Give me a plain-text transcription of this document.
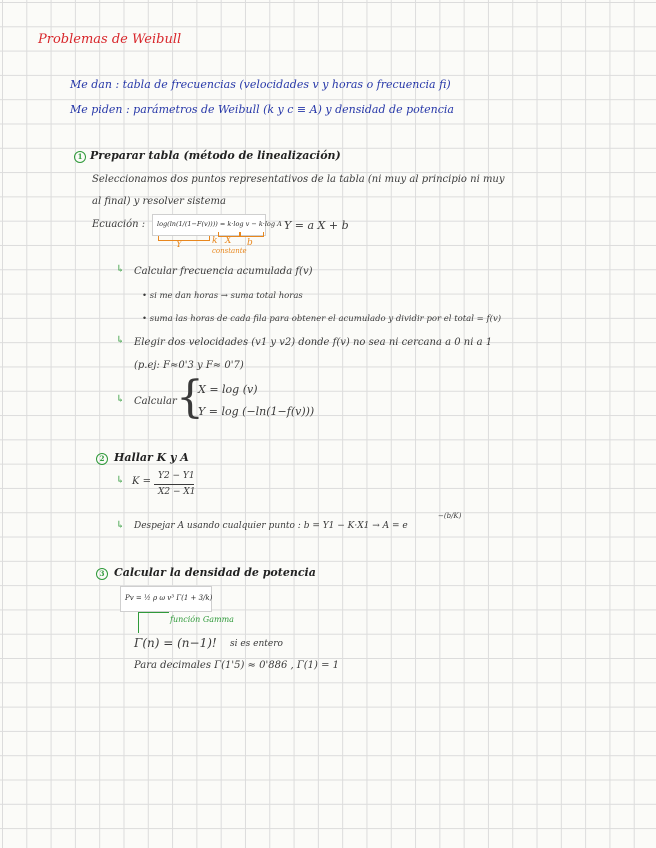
Problemas de Weibull
Me dan : tabla de frecuencias (velocidades v y horas o frecuencia fi)
Me piden : parámetros de Weibull (k y c ≡ A) y densidad de potencia
1 Preparar tabla (método de linealización)
Seleccionamos dos puntos representativos de la tabla (ni muy al principio ni muy
al final) y resolver sistema
Ecuación : log(ln(1/(1−F(v)))) = k·log v − k·log A
Y	k X b
constante
Y = a X + b
↳ Calcular frecuencia acumulada f(v)
• si me dan horas → suma total horas
• suma las horas de cada fila para obtener el acumulado y dividir por el total = f(v)
↳ Elegir dos velocidades (v1 y v2) donde f(v) no sea ni cercana a 0 ni a 1
(p.ej: F≈0'3 y F≈ 0'7)
↳ Calcular {
X = log (v)
Y = log (−ln(1−f(v)))
2 Hallar K y A
↳ K = Y2 − Y1
X2 − X1
↳ Despejar A usando cualquier punto : b = Y1 − K·X1 → A = e
−(b/K)
3 Calcular la densidad de potencia
Pv = ½ ρ ω v³ Γ(1 + 3/k)
función Gamma
Γ(n) = (n−1)! si es entero
Para decimales Γ(1'5) ≈ 0'886 , Γ(1) = 1
